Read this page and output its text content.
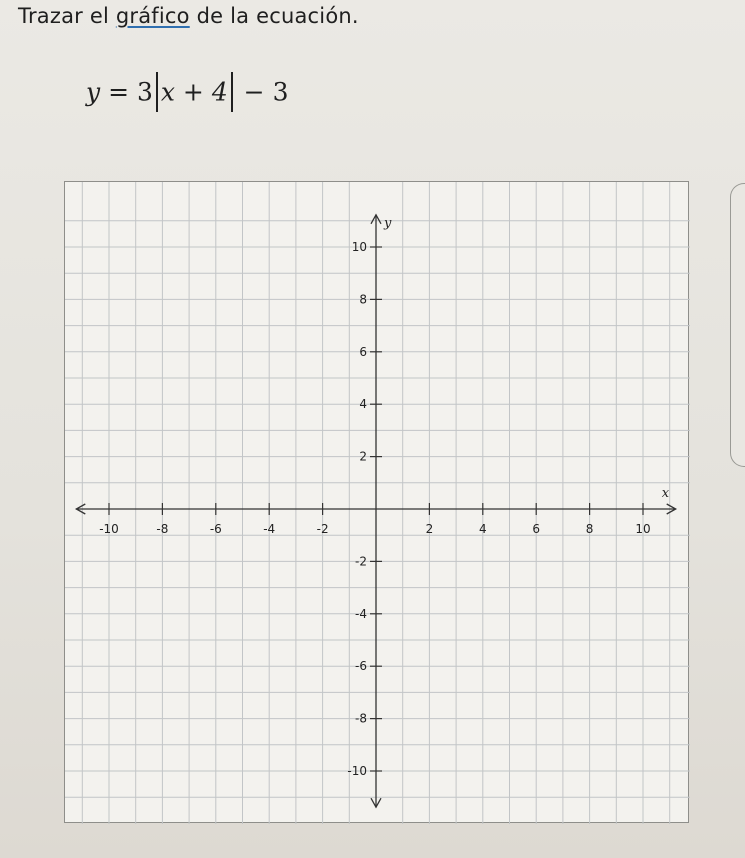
Trazar el gráfico de la ecuación.
y = 3 x + 4 − 3
x
y
-10	-8	-6	-4	-2	2	4	6	8	10
10
8
6
4
2
-2
-4
-6
-8
-10
